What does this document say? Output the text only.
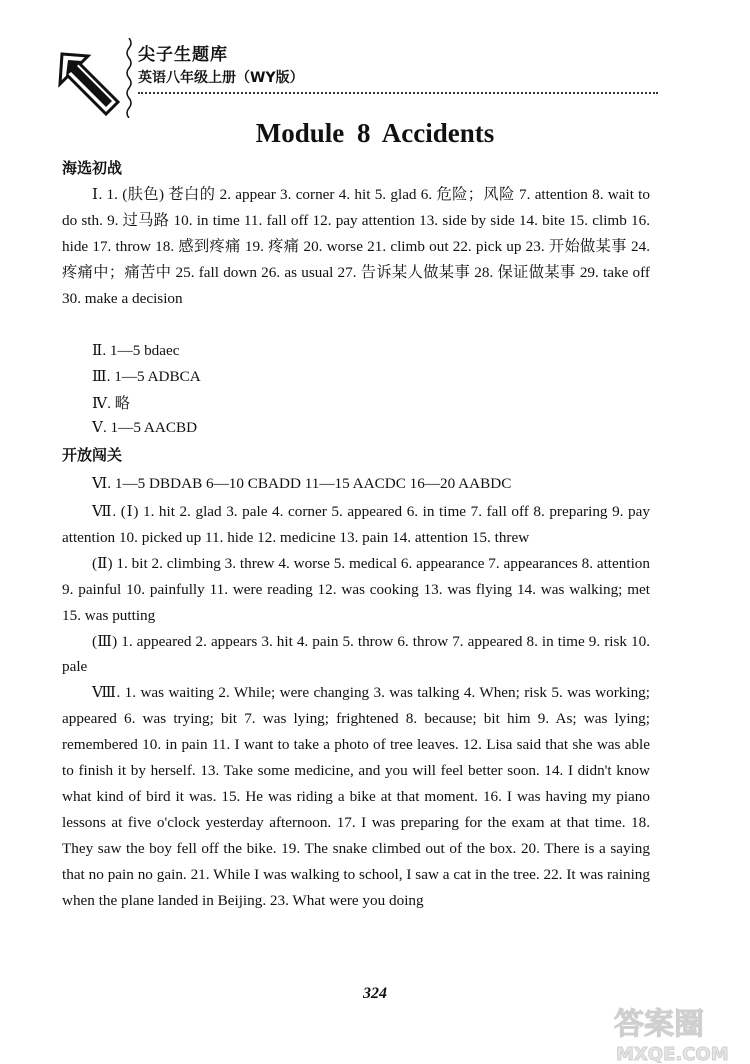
尖子生题库
英语八年级上册（WY版）
Module 8 Accidents
海选初战

Ⅰ. 1. (肤色) 苍白的 2. appear 3. corner 4. hit 5. glad 6. 危险；风险 7. attention 8. wait to do sth. 9. 过马路 10. in time 11. fall off 12. pay attention 13. side by side 14. bite 15. climb 16. hide 17. throw 18. 感到疼痛 19. 疼痛 20. worse 21. climb out 22. pick up 23. 开始做某事 24. 疼痛中；痛苦中 25. fall down 26. as usual 27. 告诉某人做某事 28. 保证做某事 29. take off 30. make a decision

Ⅱ. 1—5 bdaec
Ⅲ. 1—5 ADBCA
Ⅳ. 略
Ⅴ. 1—5 AACBD
开放闯关
Ⅵ. 1—5 DBDAB 6—10 CBADD 11—15 AACDC 16—20 AABDC

Ⅶ. (Ⅰ) 1. hit 2. glad 3. pale 4. corner 5. appeared 6. in time 7. fall off 8. preparing 9. pay attention 10. picked up 11. hide 12. medicine 13. pain 14. attention 15. threw

(Ⅱ) 1. bit 2. climbing 3. threw 4. worse 5. medical 6. appearance 7. appearances 8. attention 9. painful 10. painfully 11. were reading 12. was cooking 13. was flying 14. was walking; met 15. was putting

(Ⅲ) 1. appeared 2. appears 3. hit 4. pain 5. throw 6. throw 7. appeared 8. in time 9. risk 10. pale

Ⅷ. 1. was waiting 2. While; were changing 3. was talking 4. When; risk 5. was working; appeared 6. was trying; bit 7. was lying; frightened 8. because; bit him 9. As; was lying; remembered 10. in pain 11. I want to take a photo of tree leaves. 12. Lisa said that she was able to finish it by herself. 13. Take some medicine, and you will feel better soon. 14. I didn't know what kind of bird it was. 15. He was riding a bike at that moment. 16. I was having my piano lessons at five o'clock yesterday afternoon. 17. I was preparing for the exam at that time. 18. They saw the boy fell off the bike. 19. The snake climbed out of the box. 20. There is a saying that no pain no gain. 21. While I was walking to school, I saw a cat in the tree. 22. It was raining when the plane landed in Beijing. 23. What were you doing

324
答案圈
MXQE.COM
